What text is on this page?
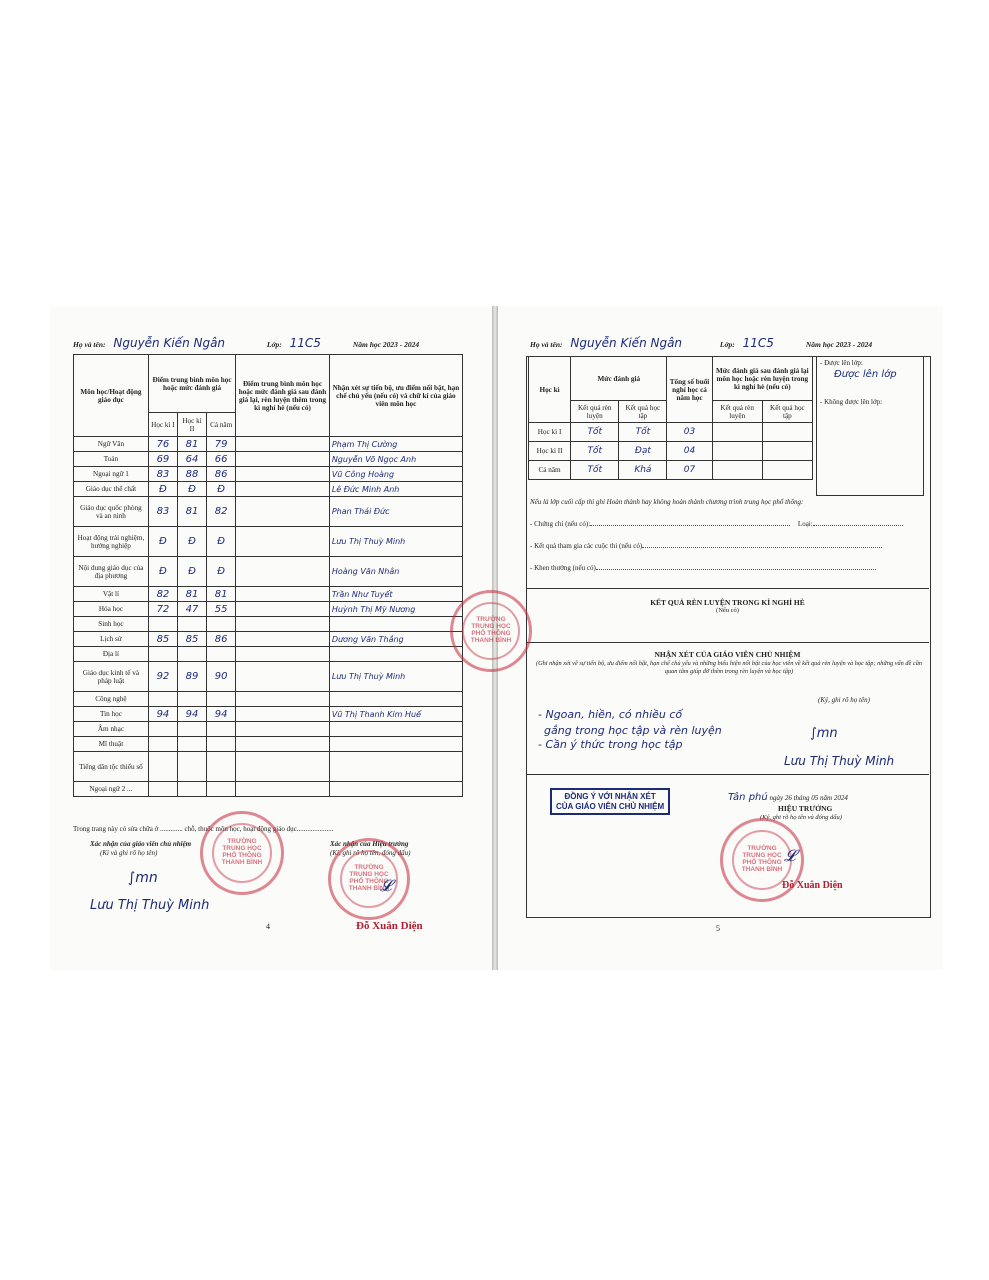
Họ và tên: Nguyễn Kiến Ngân	Lớp: 11C5	Năm học 2023 - 2024
Môn học/Hoạt động giáo dục	Điểm trung bình môn học hoặc mức đánh giá			Điểm trung bình môn học hoặc mức đánh giá sau đánh giá lại, rèn luyện thêm trong kì nghỉ hè (nếu có)	Nhận xét sự tiến bộ, ưu điểm nổi bật, hạn chế chủ yếu (nếu có) và chữ kí của giáo viên môn học
	Học kì I	Học kì II	Cả năm		
Ngữ Văn	76	81	79		Phạm Thị Cường
Toán	69	64	66		Nguyễn Võ Ngọc Anh
Ngoại ngữ 1	83	88	86		Vũ Công Hoàng
Giáo dục thể chất	Đ	Đ	Đ		Lê Đức Minh Anh
Giáo dục quốc phòng và an ninh	83	81	82		Phan Thái Đức
Hoạt động trải nghiệm, hướng nghiệp	Đ	Đ	Đ		Lưu Thị Thuỳ Minh
Nội dung giáo dục của địa phương	Đ	Đ	Đ		Hoàng Văn Nhân
Vật lí	82	81	81		Trần Như Tuyết
Hóa học	72	47	55		Huỳnh Thị Mỹ Nương
Sinh học					
Lịch sử	85	85	86		Dương Văn Thắng
Địa lí					
Giáo dục kinh tế và pháp luật	92	89	90		Lưu Thị Thuỳ Minh
Công nghệ					
Tin học	94	94	94		Vũ Thị Thanh Kim Huế
Âm nhạc					
Mĩ thuật					
Tiếng dân tộc thiểu số					
Ngoại ngữ 2 ...					
Trong trang này có sửa chữa ở ............. chỗ, thuộc môn học, hoạt động giáo dục.....................
Xác nhận của giáo viên chủ nhiệm
(Kí và ghi rõ họ tên)
Xác nhận của Hiệu trưởng
(Kí, ghi rõ họ tên, đóng dấu)
TRƯỜNG
TRUNG HỌC
PHỔ THÔNG
THANH BÌNH
TRƯỜNG
TRUNG HỌC
PHỔ THÔNG
THANH BÌNH
TRƯỜNG
TRUNG HỌC
PHỔ THÔNG
THANH BÌNH
∫mn
Lưu Thị Thuỳ Minh
𝓛
Đỗ Xuân Diện
4
Họ và tên: Nguyễn Kiến Ngân	Lớp: 11C5	Năm học 2023 - 2024
Học kì	Mức đánh giá		Tổng số buổi nghỉ học cả năm học	Mức đánh giá sau đánh giá lại môn học hoặc rèn luyện trong kì nghỉ hè (nếu có)	
	Kết quả rèn luyện	Kết quả học tập		Kết quả rèn luyện	Kết quả học tập
Học kì I	Tốt	Tốt	03		
Học kì II	Tốt	Đạt	04		
Cả năm	Tốt	Khá	07		
- Được lên lớp:
Được lên lớp
- Không được lên lớp:
Nếu là lớp cuối cấp thì ghi Hoàn thành hay không hoàn thành chương trình trung học phổ thông:
- Chứng chỉ (nếu có):	Loại:
- Kết quả tham gia các cuộc thi (nếu có)
- Khen thưởng (nếu có)
KẾT QUẢ RÈN LUYỆN TRONG KÌ NGHỈ HÈ
(Nếu có)
NHẬN XÉT CỦA GIÁO VIÊN CHỦ NHIỆM
(Ghi nhận xét về sự tiến bộ, ưu điểm nổi bật, hạn chế chủ yếu và những biểu hiện nổi bật của học viên về kết quả rèn luyện và học tập; những vấn đề cần quan tâm giúp đỡ thêm trong rèn luyện và học tập)
(Ký, ghi rõ họ tên)
- Ngoan, hiền, có nhiều cố
gắng trong học tập và rèn luyện
- Cần ý thức trong học tập
∫mn
Lưu Thị Thuỳ Minh
ĐỒNG Ý VỚI NHẬN XÉT
CỦA GIÁO VIÊN CHỦ NHIỆM
Tân phú ngày 26 tháng 05 năm 2024
HIỆU TRƯỞNG
(Ký, ghi rõ họ tên và đóng dấu)
TRƯỜNG
TRUNG HỌC
PHỔ THÔNG
THANH BÌNH
𝓛
Đỗ Xuân Diện
5
